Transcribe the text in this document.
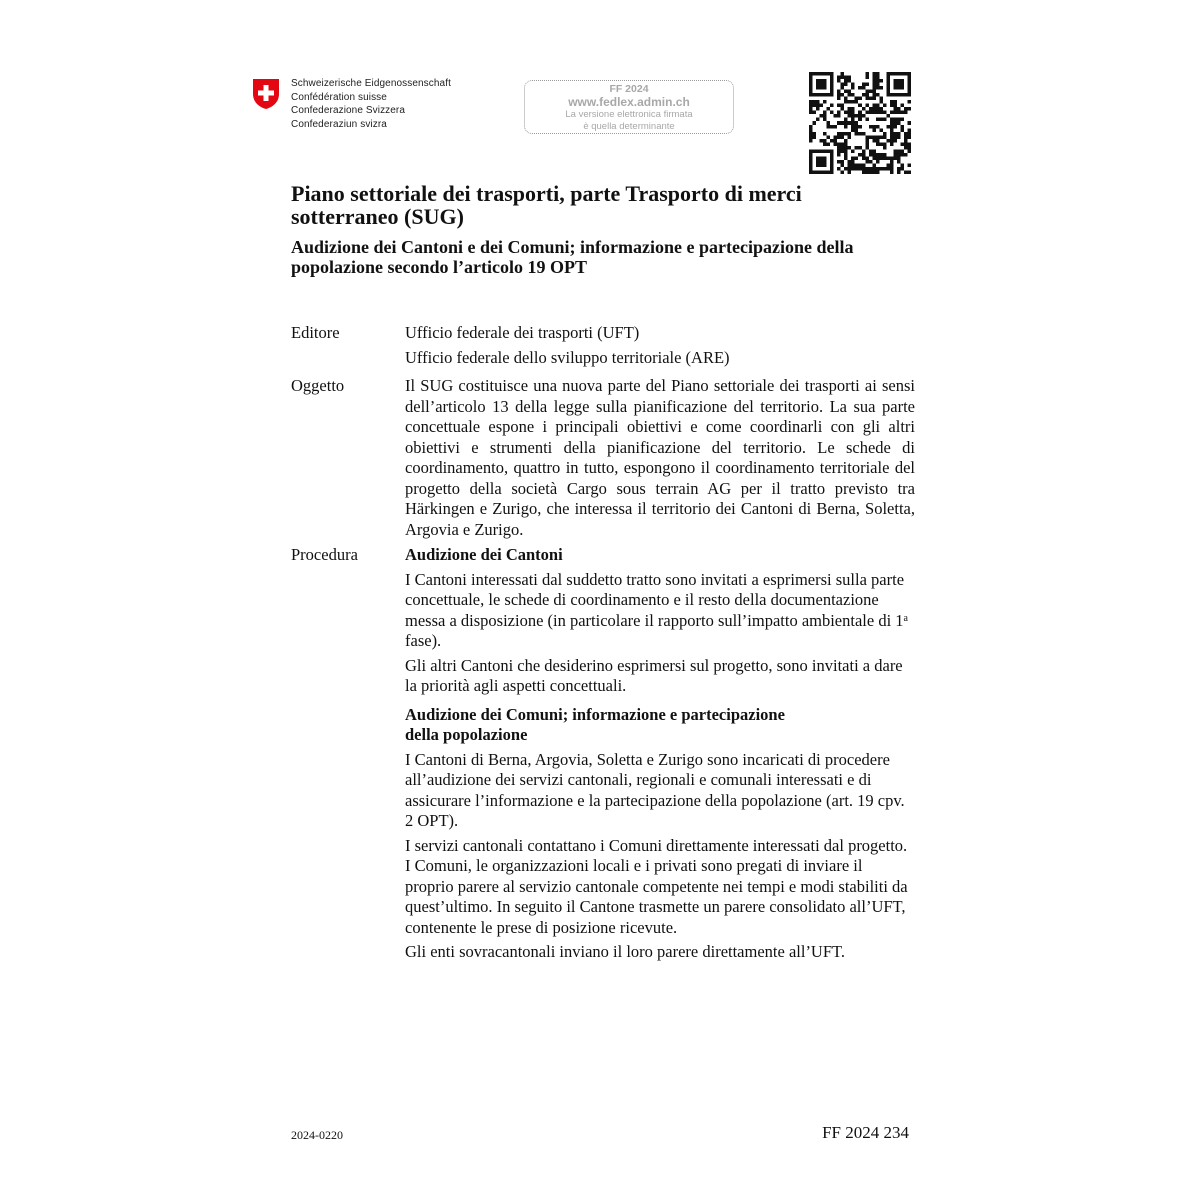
Schweizerische Eidgenossenschaft
Confédération suisse
Confederazione Svizzera
Confederaziun svizra
FF 2024
www.fedlex.admin.ch
La versione elettronica firmata
è quella determinante
Piano settoriale dei trasporti, parte Trasporto di merci sotterraneo (SUG)
Audizione dei Cantoni e dei Comuni; informazione e partecipazione della popolazione secondo l’articolo 19 OPT
Editore	Ufficio federale dei trasporti (UFT)

Ufficio federale dello sviluppo territoriale (ARE)

Oggetto	Il SUG costituisce una nuova parte del Piano settoriale dei trasporti ai sensi dell’articolo 13 della legge sulla pianificazione del territorio. La sua parte concettuale espone i principali obiettivi e come coordinarli con gli altri obiettivi e strumenti della pianificazione del territorio. Le schede di coordinamento, quattro in tutto, espongono il coordinamento territoriale del progetto della società Cargo sous terrain AG per il tratto previsto tra Härkingen e Zurigo, che interessa il territorio dei Cantoni di Berna, Soletta, Argovia e Zurigo.

Procedura	Audizione dei Cantoni

I Cantoni interessati dal suddetto tratto sono invitati a esprimersi sulla parte concettuale, le schede di coordinamento e il resto della documentazione messa a disposizione (in particolare il rapporto sull’impatto ambientale di 1$^a$ fase).

Gli altri Cantoni che desiderino esprimersi sul progetto, sono invitati a dare la priorità agli aspetti concettuali.

Audizione dei Comuni; informazione e partecipazione
della popolazione

I Cantoni di Berna, Argovia, Soletta e Zurigo sono incaricati di procedere all’audizione dei servizi cantonali, regionali e comunali interessati e di assicurare l’informazione e la partecipazione della popolazione (art. 19 cpv. 2 OPT).

I servizi cantonali contattano i Comuni direttamente interessati dal progetto. I Comuni, le organizzazioni locali e i privati sono pregati di inviare il proprio parere al servizio cantonale competente nei tempi e modi stabiliti da quest’ultimo. In seguito il Cantone trasmette un parere consolidato all’UFT, contenente le prese di posizione ricevute.

Gli enti sovracantonali inviano il loro parere direttamente all’UFT.

2024-0220	FF 2024 234
